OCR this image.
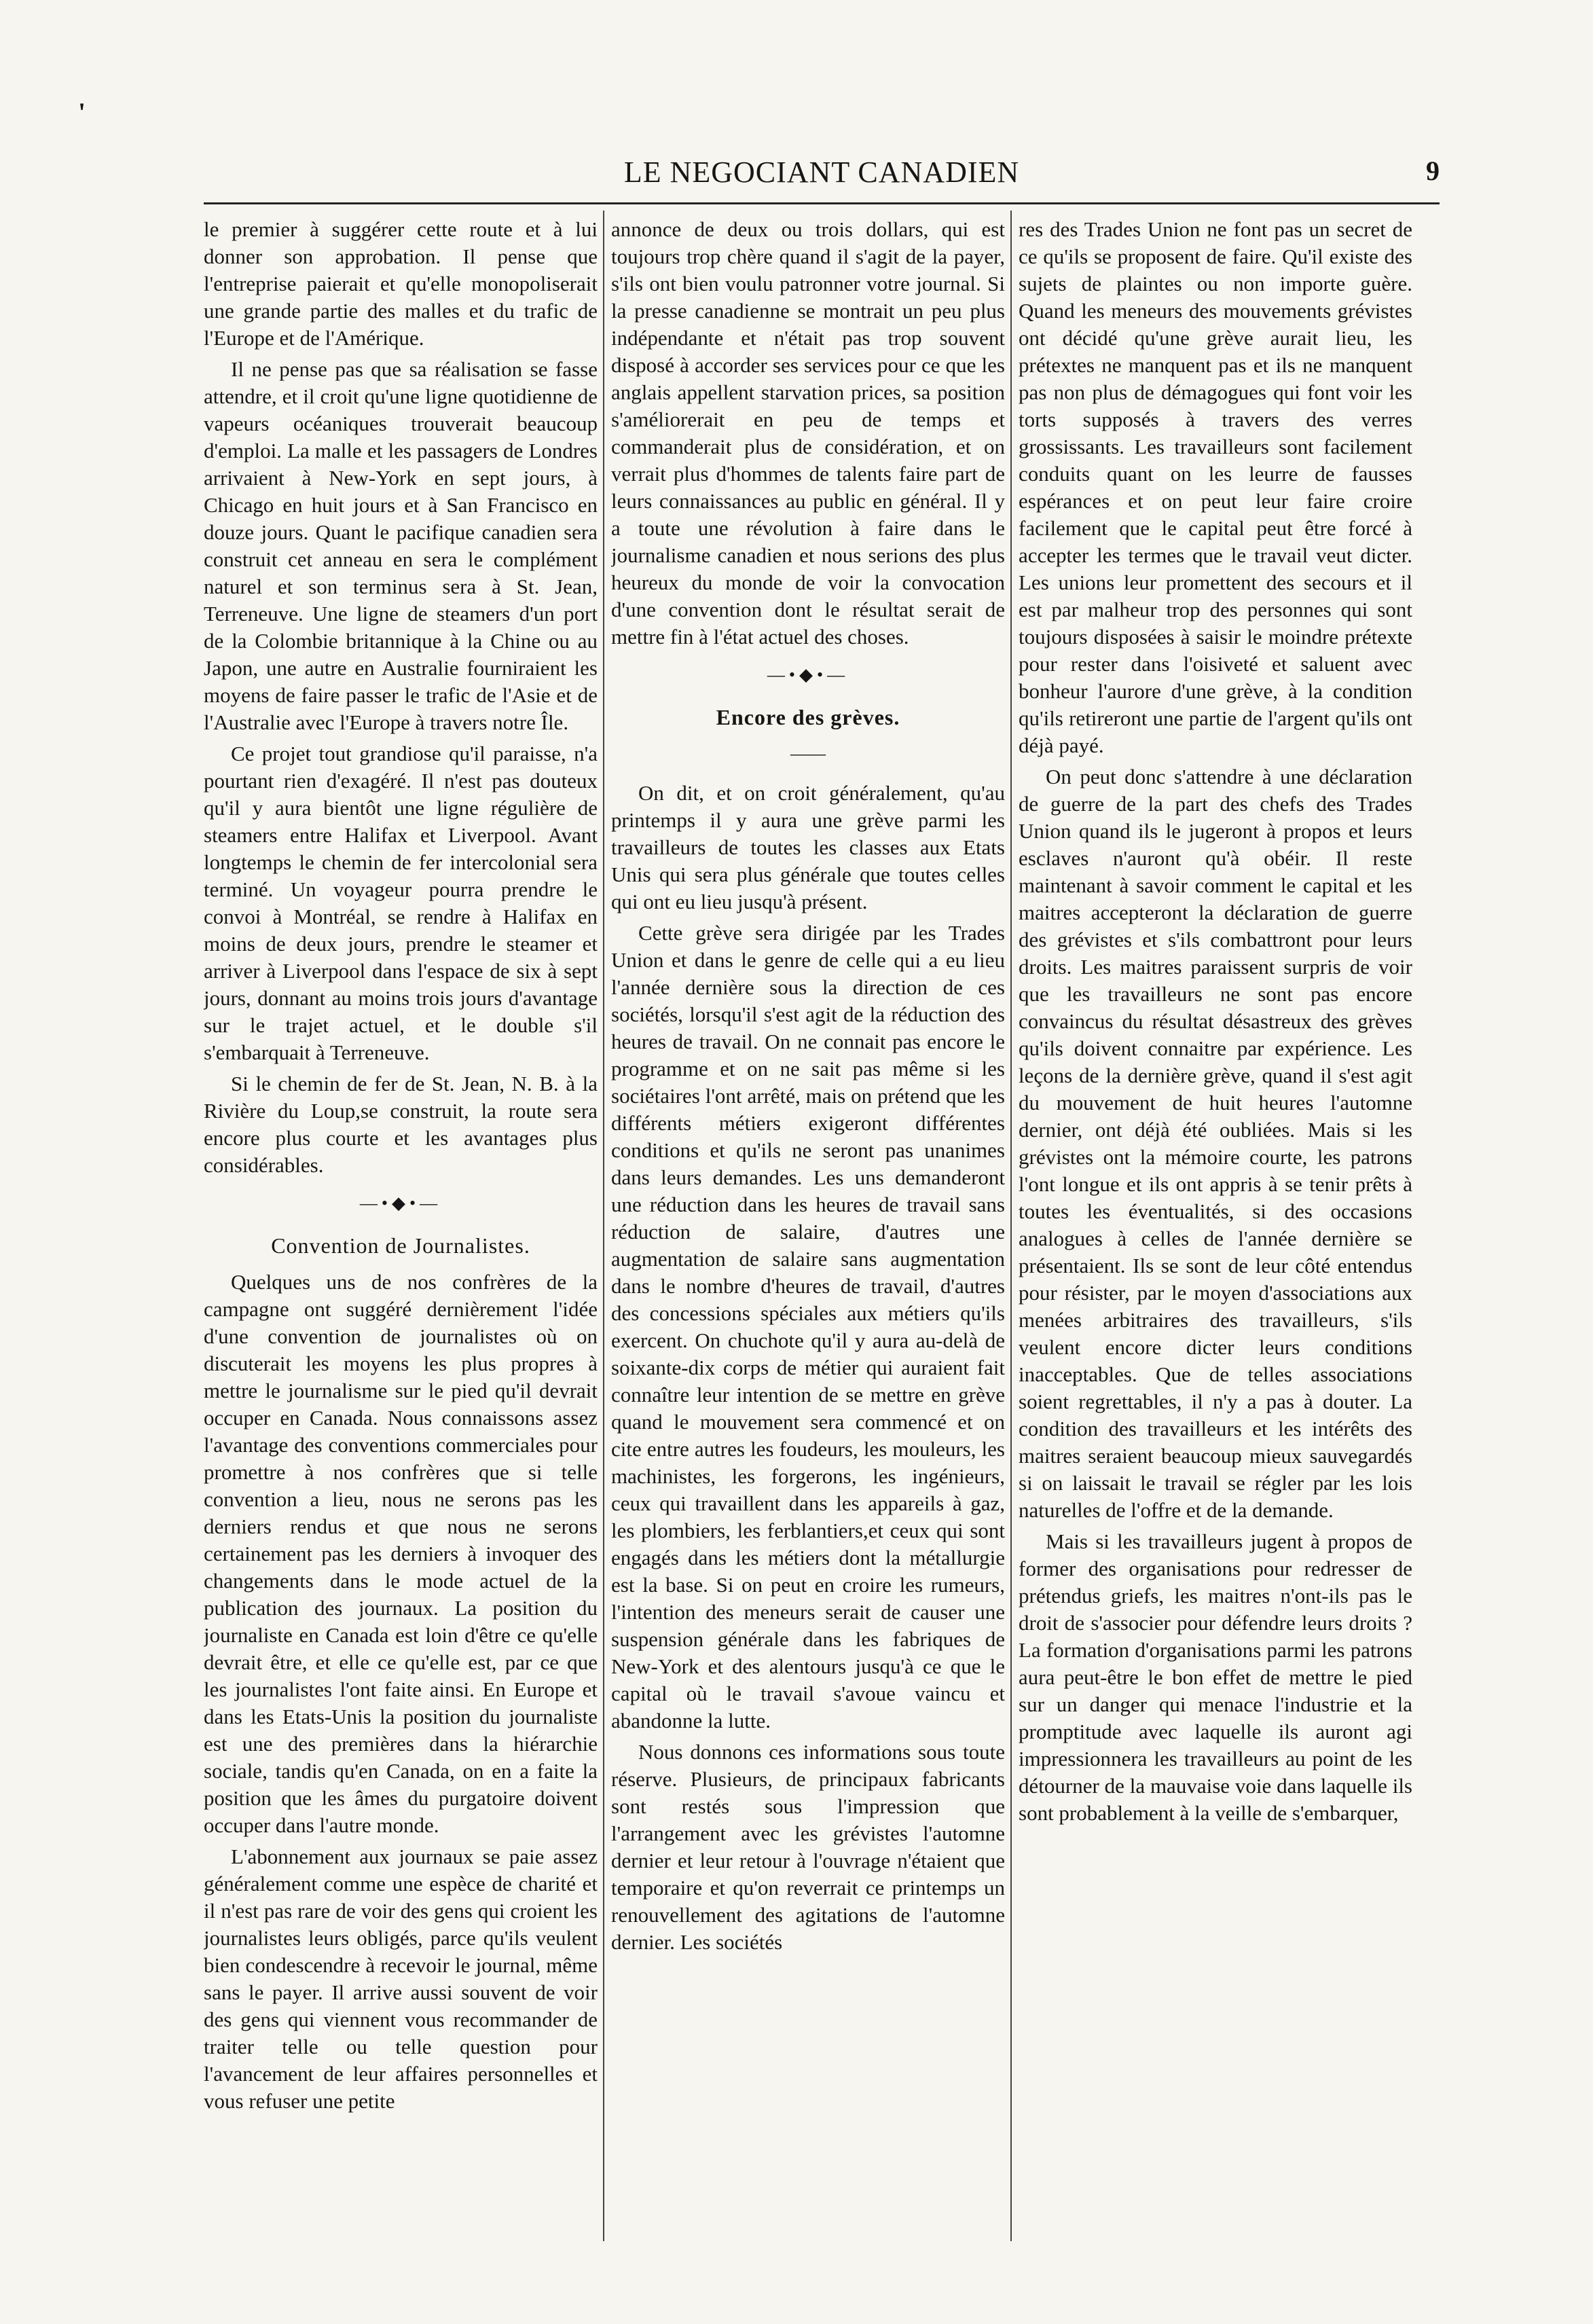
'
LE NEGOCIANT CANADIEN	9

le premier à suggérer cette route et à lui donner son approbation. Il pense que l'entreprise paierait et qu'elle monopoliserait une grande partie des malles et du trafic de l'Europe et de l'Amérique.

Il ne pense pas que sa réalisation se fasse attendre, et il croit qu'une ligne quotidienne de vapeurs océaniques trouverait beaucoup d'emploi. La malle et les passagers de Londres arrivaient à New-York en sept jours, à Chicago en huit jours et à San Francisco en douze jours. Quant le pacifique canadien sera construit cet anneau en sera le complément naturel et son terminus sera à St. Jean, Terreneuve. Une ligne de steamers d'un port de la Colombie britannique à la Chine ou au Japon, une autre en Australie fourniraient les moyens de faire passer le trafic de l'Asie et de l'Australie avec l'Europe à travers notre Île.

Ce projet tout grandiose qu'il paraisse, n'a pourtant rien d'exagéré. Il n'est pas douteux qu'il y aura bientôt une ligne régulière de steamers entre Halifax et Liverpool. Avant longtemps le chemin de fer intercolonial sera terminé. Un voyageur pourra prendre le convoi à Montréal, se rendre à Halifax en moins de deux jours, prendre le steamer et arriver à Liverpool dans l'espace de six à sept jours, donnant au moins trois jours d'avantage sur le trajet actuel, et le double s'il s'embarquait à Terreneuve.

Si le chemin de fer de St. Jean, N. B. à la Rivière du Loup,se construit, la route sera encore plus courte et les avantages plus considérables.

—•◆•—
Convention de Journalistes.

Quelques uns de nos confrères de la campagne ont suggéré dernièrement l'idée d'une convention de journalistes où on discuterait les moyens les plus propres à mettre le journalisme sur le pied qu'il devrait occuper en Canada. Nous connaissons assez l'avantage des conventions commerciales pour promettre à nos confrères que si telle convention a lieu, nous ne serons pas les derniers rendus et que nous ne serons certainement pas les derniers à invoquer des changements dans le mode actuel de la publication des journaux. La position du journaliste en Canada est loin d'être ce qu'elle devrait être, et elle ce qu'elle est, par ce que les journalistes l'ont faite ainsi. En Europe et dans les Etats-Unis la position du journaliste est une des premières dans la hiérarchie sociale, tandis qu'en Canada, on en a faite la position que les âmes du purgatoire doivent occuper dans l'autre monde.

L'abonnement aux journaux se paie assez généralement comme une espèce de charité et il n'est pas rare de voir des gens qui croient les journalistes leurs obligés, parce qu'ils veulent bien condescendre à recevoir le journal, même sans le payer. Il arrive aussi souvent de voir des gens qui viennent vous recommander de traiter telle ou telle question pour l'avancement de leur affaires personnelles et vous refuser une petite

annonce de deux ou trois dollars, qui est toujours trop chère quand il s'agit de la payer, s'ils ont bien voulu patronner votre journal. Si la presse canadienne se montrait un peu plus indépendante et n'était pas trop souvent disposé à accorder ses services pour ce que les anglais appellent starvation prices, sa position s'améliorerait en peu de temps et commanderait plus de considération, et on verrait plus d'hommes de talents faire part de leurs connaissances au public en général. Il y a toute une révolution à faire dans le journalisme canadien et nous serions des plus heureux du monde de voir la convocation d'une convention dont le résultat serait de mettre fin à l'état actuel des choses.

—•◆•—
Encore des grèves.
——

On dit, et on croit généralement, qu'au printemps il y aura une grève parmi les travailleurs de toutes les classes aux Etats Unis qui sera plus générale que toutes celles qui ont eu lieu jusqu'à présent.

Cette grève sera dirigée par les Trades Union et dans le genre de celle qui a eu lieu l'année dernière sous la direction de ces sociétés, lorsqu'il s'est agit de la réduction des heures de travail. On ne connait pas encore le programme et on ne sait pas même si les sociétaires l'ont arrêté, mais on prétend que les différents métiers exigeront différentes conditions et qu'ils ne seront pas unanimes dans leurs demandes. Les uns demanderont une réduction dans les heures de travail sans réduction de salaire, d'autres une augmentation de salaire sans augmentation dans le nombre d'heures de travail, d'autres des concessions spéciales aux métiers qu'ils exercent. On chuchote qu'il y aura au-delà de soixante-dix corps de métier qui auraient fait connaître leur intention de se mettre en grève quand le mouvement sera commencé et on cite entre autres les foudeurs, les mouleurs, les machinistes, les forgerons, les ingénieurs, ceux qui travaillent dans les appareils à gaz, les plombiers, les ferblantiers,et ceux qui sont engagés dans les métiers dont la métallurgie est la base. Si on peut en croire les rumeurs, l'intention des meneurs serait de causer une suspension générale dans les fabriques de New-York et des alentours jusqu'à ce que le capital où le travail s'avoue vaincu et abandonne la lutte.

Nous donnons ces informations sous toute réserve. Plusieurs, de principaux fabricants sont restés sous l'impression que l'arrangement avec les grévistes l'automne dernier et leur retour à l'ouvrage n'étaient que temporaire et qu'on reverrait ce printemps un renouvellement des agitations de l'automne dernier. Les sociétés

res des Trades Union ne font pas un secret de ce qu'ils se proposent de faire. Qu'il existe des sujets de plaintes ou non importe guère. Quand les meneurs des mouvements grévistes ont décidé qu'une grève aurait lieu, les prétextes ne manquent pas et ils ne manquent pas non plus de démagogues qui font voir les torts supposés à travers des verres grossissants. Les travailleurs sont facilement conduits quant on les leurre de fausses espérances et on peut leur faire croire facilement que le capital peut être forcé à accepter les termes que le travail veut dicter. Les unions leur promettent des secours et il est par malheur trop des personnes qui sont toujours disposées à saisir le moindre prétexte pour rester dans l'oisiveté et saluent avec bonheur l'aurore d'une grève, à la condition qu'ils retireront une partie de l'argent qu'ils ont déjà payé.

On peut donc s'attendre à une déclaration de guerre de la part des chefs des Trades Union quand ils le jugeront à propos et leurs esclaves n'auront qu'à obéir. Il reste maintenant à savoir comment le capital et les maitres accepteront la déclaration de guerre des grévistes et s'ils combattront pour leurs droits. Les maitres paraissent surpris de voir que les travailleurs ne sont pas encore convaincus du résultat désastreux des grèves qu'ils doivent connaitre par expérience. Les leçons de la dernière grève, quand il s'est agit du mouvement de huit heures l'automne dernier, ont déjà été oubliées. Mais si les grévistes ont la mémoire courte, les patrons l'ont longue et ils ont appris à se tenir prêts à toutes les éventualités, si des occasions analogues à celles de l'année dernière se présentaient. Ils se sont de leur côté entendus pour résister, par le moyen d'associations aux menées arbitraires des travailleurs, s'ils veulent encore dicter leurs conditions inacceptables. Que de telles associations soient regrettables, il n'y a pas à douter. La condition des travailleurs et les intérêts des maitres seraient beaucoup mieux sauvegardés si on laissait le travail se régler par les lois naturelles de l'offre et de la demande.

Mais si les travailleurs jugent à propos de former des organisations pour redresser de prétendus griefs, les maitres n'ont-ils pas le droit de s'associer pour défendre leurs droits ? La formation d'organisations parmi les patrons aura peut-être le bon effet de mettre le pied sur un danger qui menace l'industrie et la promptitude avec laquelle ils auront agi impressionnera les travailleurs au point de les détourner de la mauvaise voie dans laquelle ils sont probablement à la veille de s'embarquer,
